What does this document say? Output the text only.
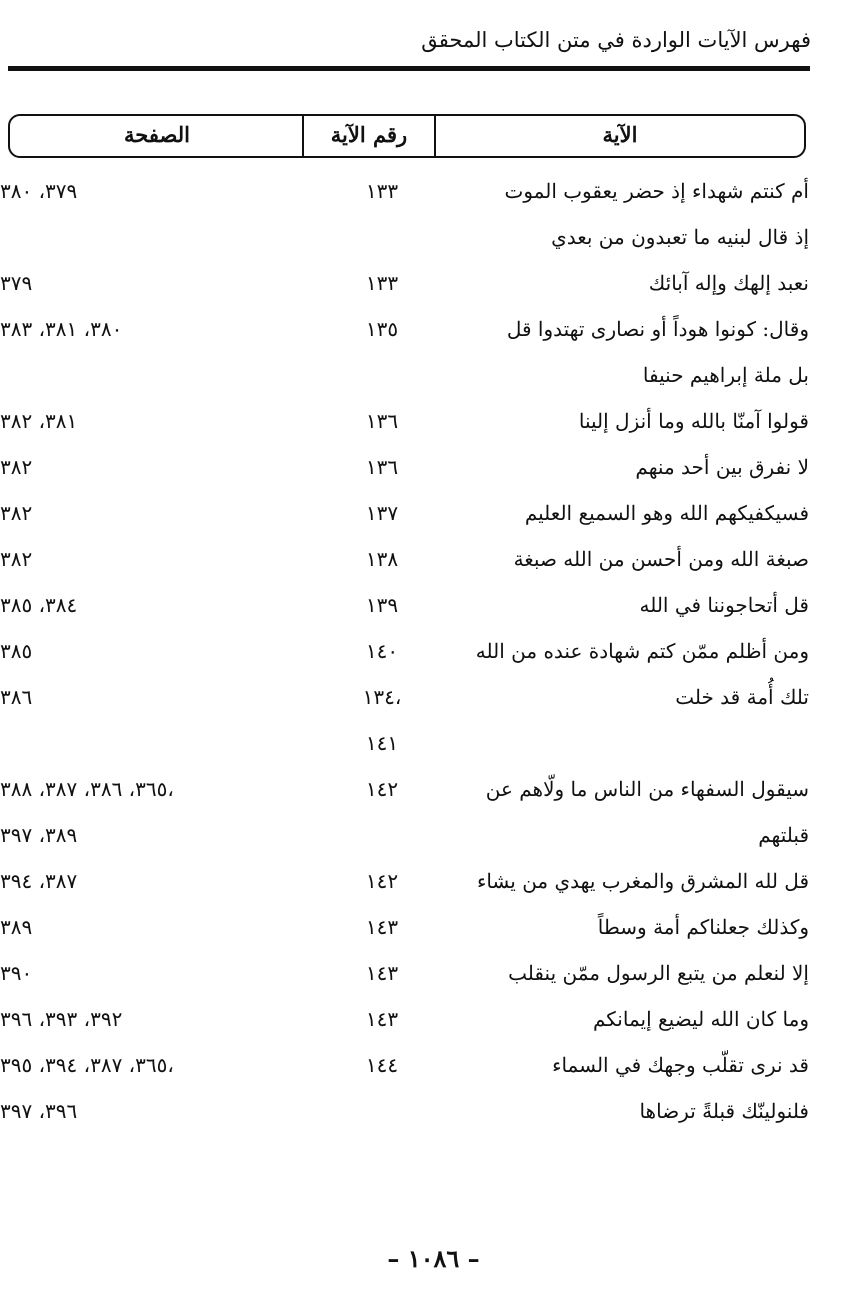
فهرس الآيات الواردة في متن الكتاب المحقق
الآية
رقم الآية
الصفحة
أم كنتم شهداء إذ حضر يعقوب الموت
١٣٣
٣٧٩، ٣٨٠
إذ قال لبنيه ما تعبدون من بعدي
نعبد إلهك وإله آبائك
١٣٣
٣٧٩
وقال: كونوا هوداً أو نصارى تهتدوا قل
١٣٥
٣٨٠، ٣٨١، ٣٨٣
بل ملة إبراهيم حنيفا
قولوا آمنّا بالله وما أنزل إلينا
١٣٦
٣٨١، ٣٨٢
لا نفرق بين أحد منهم
١٣٦
٣٨٢
فسيكفيكهم الله وهو السميع العليم
١٣٧
٣٨٢
صبغة الله ومن أحسن من الله صبغة
١٣٨
٣٨٢
قل أتحاجوننا في الله
١٣٩
٣٨٤، ٣٨٥
ومن أظلم ممّن كتم شهادة عنده من الله
١٤٠
٣٨٥
تلك أُمة قد خلت
١٣٤،
٣٨٦
١٤١
سيقول السفهاء من الناس ما ولّاهم عن
١٤٢
٣٦٥، ٣٨٦، ٣٨٧، ٣٨٨،
قبلتهم
٣٨٩، ٣٩٧
قل لله المشرق والمغرب يهدي من يشاء
١٤٢
٣٨٧، ٣٩٤
وكذلك جعلناكم أمة وسطاً
١٤٣
٣٨٩
إلا لنعلم من يتبع الرسول ممّن ينقلب
١٤٣
٣٩٠
وما كان الله ليضيع إيمانكم
١٤٣
٣٩٢، ٣٩٣، ٣٩٦
قد نرى تقلّب وجهك في السماء
١٤٤
٣٦٥، ٣٨٧، ٣٩٤، ٣٩٥،
فلنولينّك قبلةً ترضاها
٣٩٦، ٣٩٧
– ١٠٨٦ –
